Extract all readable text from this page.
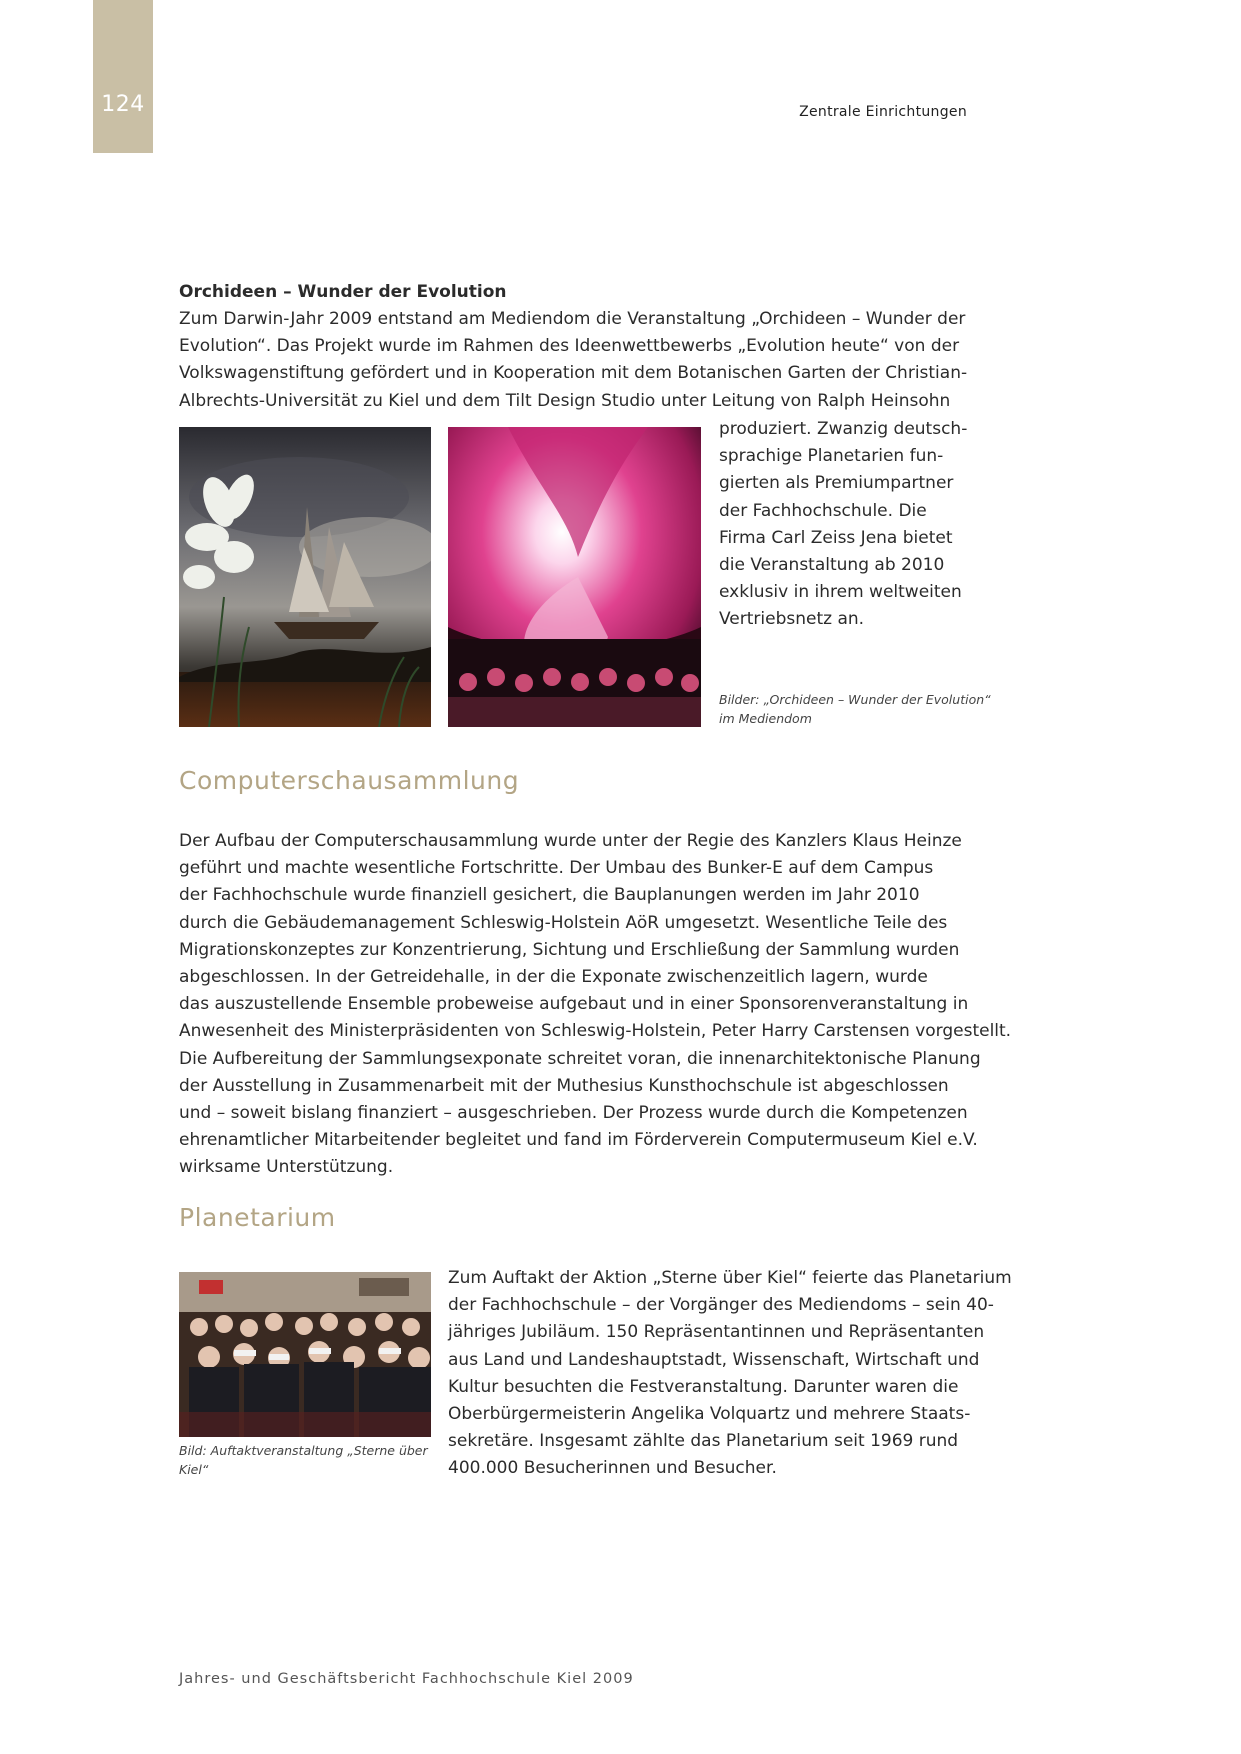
124	Zentrale Einrichtungen
Orchideen – Wunder der Evolution
Zum Darwin-Jahr 2009 entstand am Mediendom die Veranstaltung „Orchideen – Wunder der
Evolution“. Das Projekt wurde im Rahmen des Ideenwettbewerbs „Evolution heute“ von der
Volkswagenstiftung gefördert und in Kooperation mit dem Botanischen Garten der Christian-
Albrechts-Universität zu Kiel und dem Tilt Design Studio unter Leitung von Ralph Heinsohn
produziert. Zwanzig deutsch-
sprachige Planetarien fun-
gierten als Premiumpartner
der Fachhochschule. Die
Firma Carl Zeiss Jena bietet
die Veranstaltung ab 2010
exklusiv in ihrem weltweiten
Vertriebsnetz an.
Bilder: „Orchideen – Wunder der Evolution“
im Mediendom
Computerschausammlung
Der Aufbau der Computerschausammlung wurde unter der Regie des Kanzlers Klaus Heinze
geführt und machte wesentliche Fortschritte. Der Umbau des Bunker-E auf dem Campus
der Fachhochschule wurde finanziell gesichert, die Bauplanungen werden im Jahr 2010
durch die Gebäudemanagement Schleswig-Holstein AöR umgesetzt. Wesentliche Teile des
Migrationskonzeptes zur Konzentrierung, Sichtung und Erschließung der Sammlung wurden
abgeschlossen. In der Getreidehalle, in der die Exponate zwischenzeitlich lagern, wurde
das auszustellende Ensemble probeweise aufgebaut und in einer Sponsorenveranstaltung in
Anwesenheit des Ministerpräsidenten von Schleswig-Holstein, Peter Harry Carstensen vorgestellt.
Die Aufbereitung der Sammlungsexponate schreitet voran, die innenarchitektonische Planung
der Ausstellung in Zusammenarbeit mit der Muthesius Kunsthochschule ist abgeschlossen
und – soweit bislang finanziert – ausgeschrieben. Der Prozess wurde durch die Kompetenzen
ehrenamtlicher Mitarbeitender begleitet und fand im Förderverein Computermuseum Kiel e.V.
wirksame Unterstützung.
Planetarium
Bild: Auftaktveranstaltung „Sterne über
Kiel“
Zum Auftakt der Aktion „Sterne über Kiel“ feierte das Planetarium
der Fachhochschule – der Vorgänger des Mediendoms – sein 40-
jähriges Jubiläum. 150 Repräsentantinnen und Repräsentanten
aus Land und Landeshauptstadt, Wissenschaft, Wirtschaft und
Kultur besuchten die Festveranstaltung. Darunter waren die
Oberbürgermeisterin Angelika Volquartz und mehrere Staats-
sekretäre. Insgesamt zählte das Planetarium seit 1969 rund
400.000 Besucherinnen und Besucher.
Jahres- und Geschäftsbericht Fachhochschule Kiel 2009
